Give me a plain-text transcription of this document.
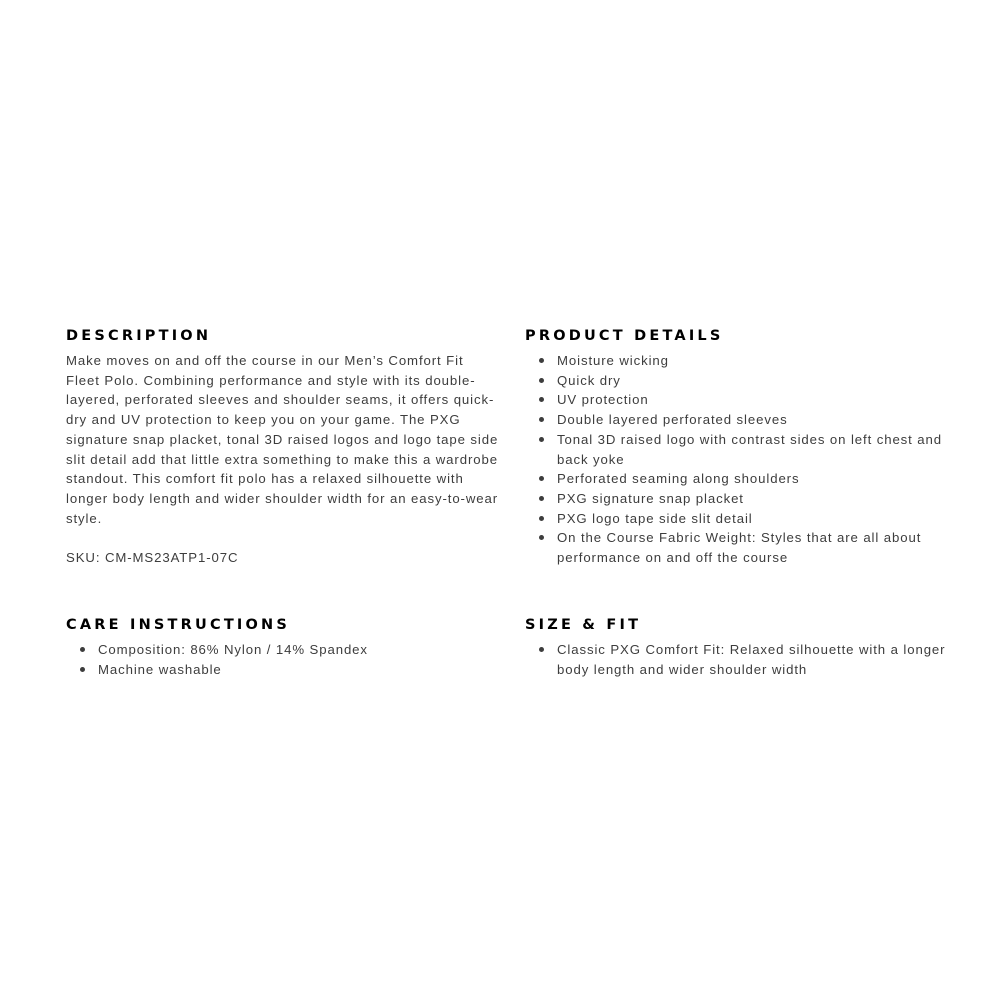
DESCRIPTION

Make moves on and off the course in our Men’s Comfort Fit Fleet Polo. Combining performance and style with its double-layered, perforated sleeves and shoulder seams, it offers quick-dry and UV protection to keep you on your game. The PXG signature snap placket, tonal 3D raised logos and logo tape side slit detail add that little extra something to make this a wardrobe standout. This comfort fit polo has a relaxed silhouette with longer body length and wider shoulder width for an easy-to-wear style.

SKU: CM-MS23ATP1-07C

PRODUCT DETAILS
Moisture wicking
Quick dry
UV protection
Double layered perforated sleeves
Tonal 3D raised logo with contrast sides on left chest and back yoke
Perforated seaming along shoulders
PXG signature snap placket
PXG logo tape side slit detail
On the Course Fabric Weight: Styles that are all about performance on and off the course
CARE INSTRUCTIONS
Composition: 86% Nylon / 14% Spandex
Machine washable
SIZE & FIT
Classic PXG Comfort Fit: Relaxed silhouette with a longer body length and wider shoulder width
